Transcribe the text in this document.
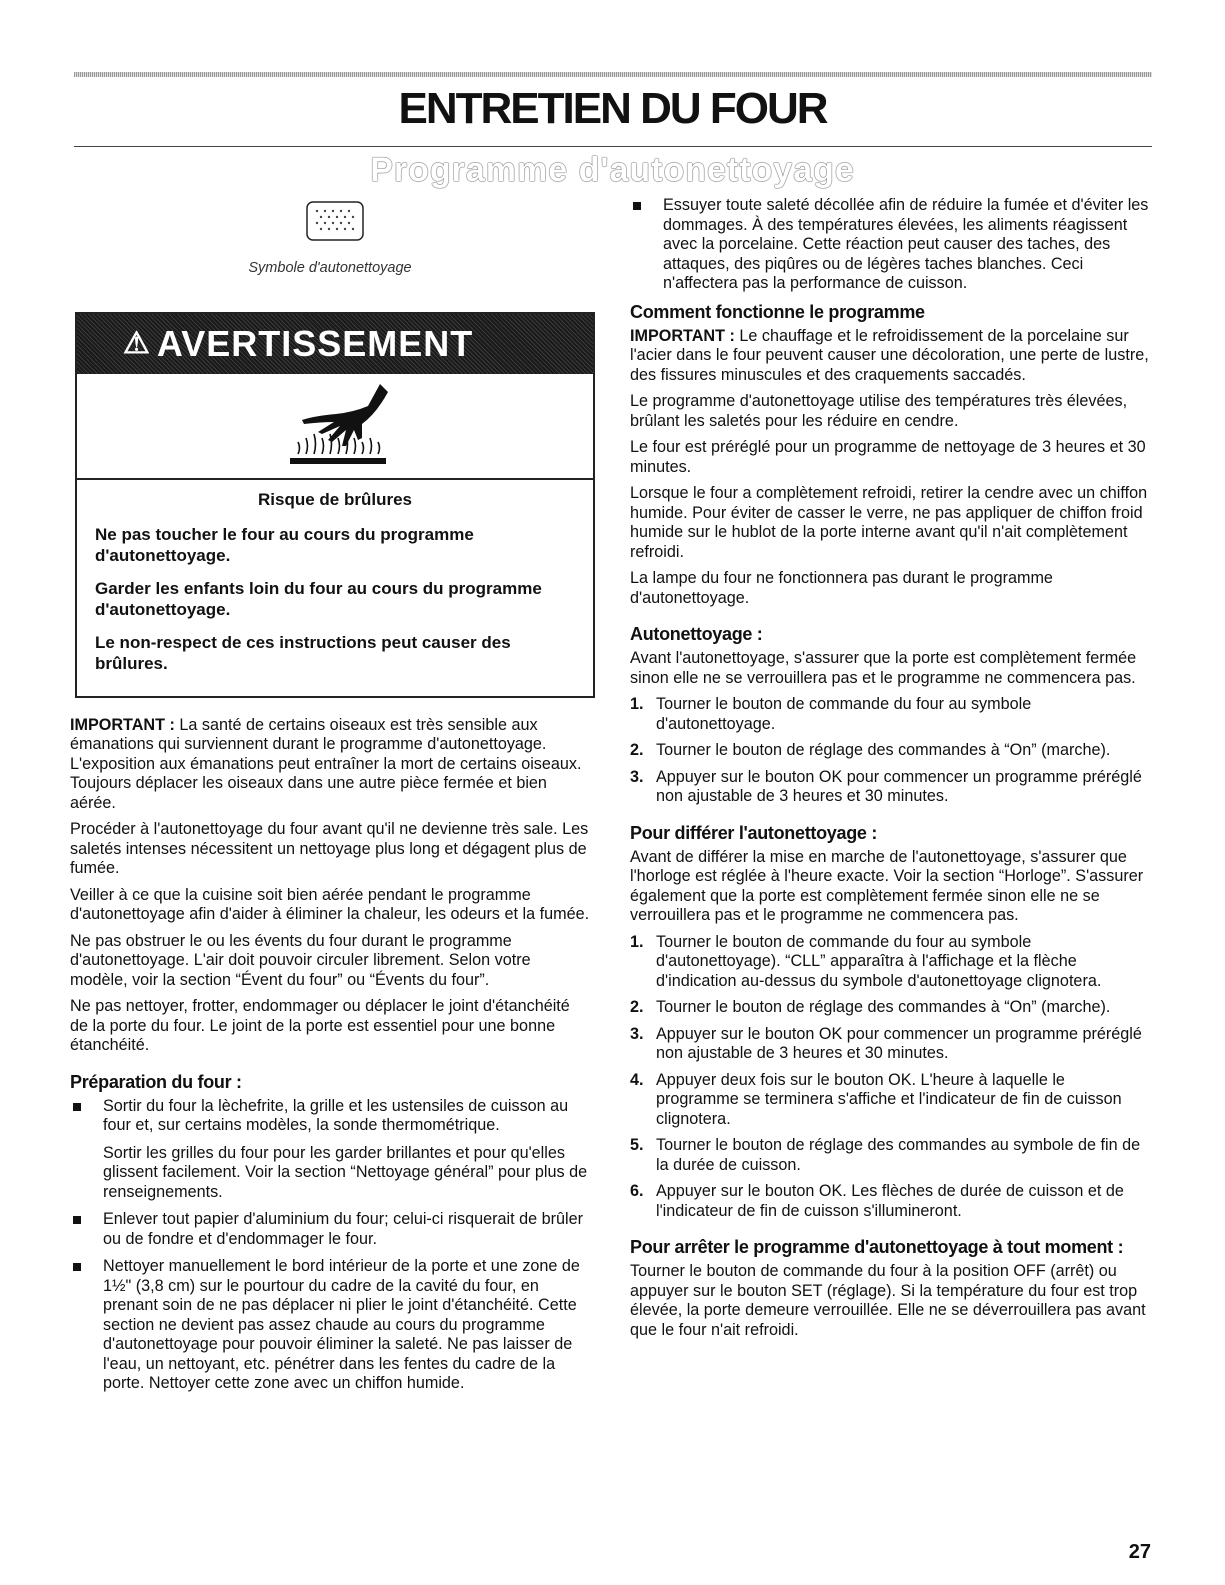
ENTRETIEN DU FOUR
Programme d'autonettoyage
Symbole d'autonettoyage
⚠ AVERTISSEMENT

Risque de brûlures

Ne pas toucher le four au cours du programme d'autonettoyage.

Garder les enfants loin du four au cours du programme d'autonettoyage.

Le non-respect de ces instructions peut causer des brûlures.

IMPORTANT : La santé de certains oiseaux est très sensible aux émanations qui surviennent durant le programme d'autonettoyage. L'exposition aux émanations peut entraîner la mort de certains oiseaux. Toujours déplacer les oiseaux dans une autre pièce fermée et bien aérée.

Procéder à l'autonettoyage du four avant qu'il ne devienne très sale. Les saletés intenses nécessitent un nettoyage plus long et dégagent plus de fumée.

Veiller à ce que la cuisine soit bien aérée pendant le programme d'autonettoyage afin d'aider à éliminer la chaleur, les odeurs et la fumée.

Ne pas obstruer le ou les évents du four durant le programme d'autonettoyage. L'air doit pouvoir circuler librement. Selon votre modèle, voir la section “Évent du four” ou “Évents du four”.

Ne pas nettoyer, frotter, endommager ou déplacer le joint d'étanchéité de la porte du four. Le joint de la porte est essentiel pour une bonne étanchéité.

Préparation du four :

Sortir du four la lèchefrite, la grille et les ustensiles de cuisson au four et, sur certains modèles, la sonde thermométrique.

Sortir les grilles du four pour les garder brillantes et pour qu'elles glissent facilement. Voir la section “Nettoyage général” pour plus de renseignements.

Enlever tout papier d'aluminium du four; celui-ci risquerait de brûler ou de fondre et d'endommager le four.

Nettoyer manuellement le bord intérieur de la porte et une zone de 1½" (3,8 cm) sur le pourtour du cadre de la cavité du four, en prenant soin de ne pas déplacer ni plier le joint d'étanchéité. Cette section ne devient pas assez chaude au cours du programme d'autonettoyage pour pouvoir éliminer la saleté. Ne pas laisser de l'eau, un nettoyant, etc. pénétrer dans les fentes du cadre de la porte. Nettoyer cette zone avec un chiffon humide.

Essuyer toute saleté décollée afin de réduire la fumée et d'éviter les dommages. À des températures élevées, les aliments réagissent avec la porcelaine. Cette réaction peut causer des taches, des attaques, des piqûres ou de légères taches blanches. Ceci n'affectera pas la performance de cuisson.
Comment fonctionne le programme

IMPORTANT : Le chauffage et le refroidissement de la porcelaine sur l'acier dans le four peuvent causer une décoloration, une perte de lustre, des fissures minuscules et des craquements saccadés.

Le programme d'autonettoyage utilise des températures très élevées, brûlant les saletés pour les réduire en cendre.

Le four est préréglé pour un programme de nettoyage de 3 heures et 30 minutes.

Lorsque le four a complètement refroidi, retirer la cendre avec un chiffon humide. Pour éviter de casser le verre, ne pas appliquer de chiffon froid humide sur le hublot de la porte interne avant qu'il n'ait complètement refroidi.

La lampe du four ne fonctionnera pas durant le programme d'autonettoyage.

Autonettoyage :

Avant l'autonettoyage, s'assurer que la porte est complètement fermée sinon elle ne se verrouillera pas et le programme ne commencera pas.

1. Tourner le bouton de commande du four au symbole d'autonettoyage.
2. Tourner le bouton de réglage des commandes à “On” (marche).
3. Appuyer sur le bouton OK pour commencer un programme préréglé non ajustable de 3 heures et 30 minutes.
Pour différer l'autonettoyage :

Avant de différer la mise en marche de l'autonettoyage, s'assurer que l'horloge est réglée à l'heure exacte. Voir la section “Horloge”. S'assurer également que la porte est complètement fermée sinon elle ne se verrouillera pas et le programme ne commencera pas.

1. Tourner le bouton de commande du four au symbole d'autonettoyage). “CLL” apparaîtra à l'affichage et la flèche d'indication au-dessus du symbole d'autonettoyage clignotera.
2. Tourner le bouton de réglage des commandes à “On” (marche).
3. Appuyer sur le bouton OK pour commencer un programme préréglé non ajustable de 3 heures et 30 minutes.
4. Appuyer deux fois sur le bouton OK. L'heure à laquelle le programme se terminera s'affiche et l'indicateur de fin de cuisson clignotera.
5. Tourner le bouton de réglage des commandes au symbole de fin de la durée de cuisson.
6. Appuyer sur le bouton OK. Les flèches de durée de cuisson et de l'indicateur de fin de cuisson s'illumineront.
Pour arrêter le programme d'autonettoyage à tout moment :

Tourner le bouton de commande du four à la position OFF (arrêt) ou appuyer sur le bouton SET (réglage). Si la température du four est trop élevée, la porte demeure verrouillée. Elle ne se déverrouillera pas avant que le four n'ait refroidi.

27
